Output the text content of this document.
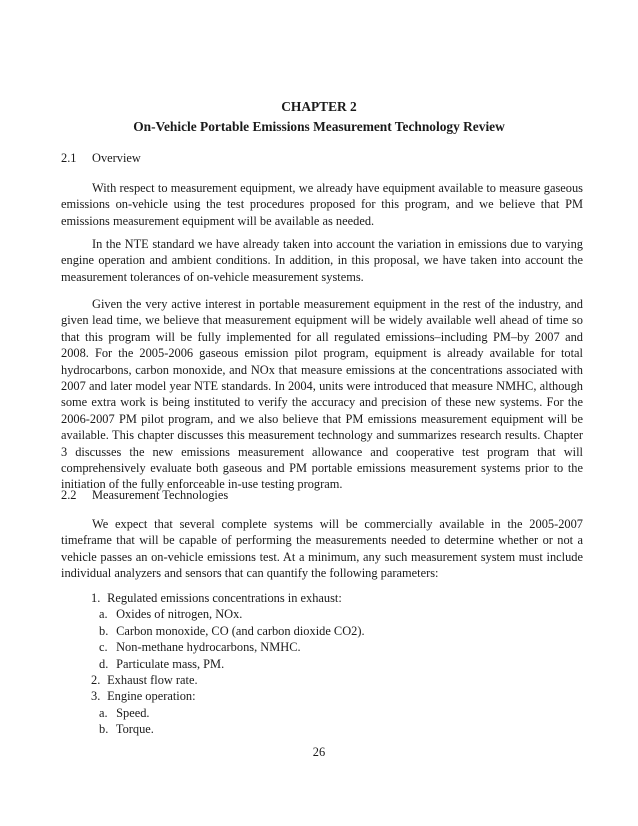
CHAPTER 2
On-Vehicle Portable Emissions Measurement Technology Review
2.1 Overview
With respect to measurement equipment, we already have equipment available to measure gaseous emissions on-vehicle using the test procedures proposed for this program, and we believe that PM emissions measurement equipment will be available as needed.
In the NTE standard we have already taken into account the variation in emissions due to varying engine operation and ambient conditions. In addition, in this proposal, we have taken into account the measurement tolerances of on-vehicle measurement systems.
Given the very active interest in portable measurement equipment in the rest of the industry, and given lead time, we believe that measurement equipment will be widely available well ahead of time so that this program will be fully implemented for all regulated emissions–including PM–by 2007 and 2008. For the 2005-2006 gaseous emission pilot program, equipment is already available for total hydrocarbons, carbon monoxide, and NOx that measure emissions at the concentrations associated with 2007 and later model year NTE standards. In 2004, units were introduced that measure NMHC, although some extra work is being instituted to verify the accuracy and precision of these new systems. For the 2006-2007 PM pilot program, and we also believe that PM emissions measurement equipment will be available. This chapter discusses this measurement technology and summarizes research results. Chapter 3 discusses the new emissions measurement allowance and cooperative test program that will comprehensively evaluate both gaseous and PM portable emissions measurement systems prior to the initiation of the fully enforceable in-use testing program.
2.2 Measurement Technologies
We expect that several complete systems will be commercially available in the 2005-2007 timeframe that will be capable of performing the measurements needed to determine whether or not a vehicle passes an on-vehicle emissions test. At a minimum, any such measurement system must include individual analyzers and sensors that can quantify the following parameters:
1. Regulated emissions concentrations in exhaust:
a. Oxides of nitrogen, NOx.
b. Carbon monoxide, CO (and carbon dioxide CO2).
c. Non-methane hydrocarbons, NMHC.
d. Particulate mass, PM.
2. Exhaust flow rate.
3. Engine operation:
a. Speed.
b. Torque.
26
